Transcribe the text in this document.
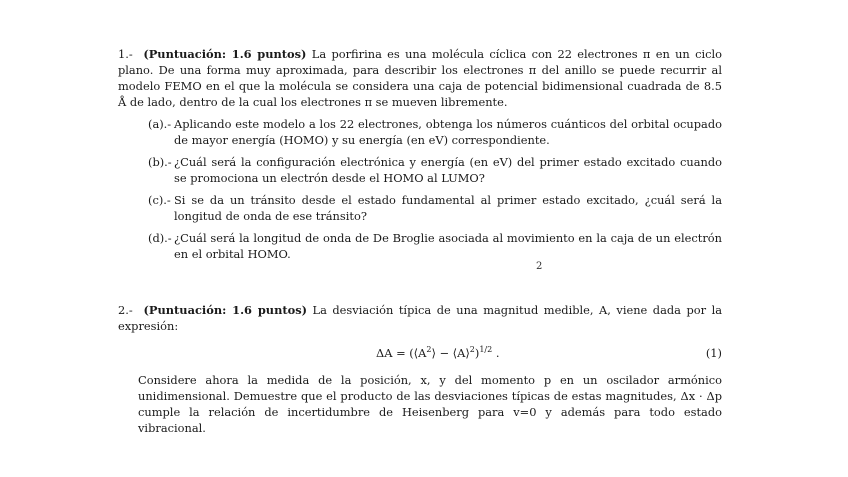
1.- (Puntuación: 1.6 puntos) La porfirina es una molécula cíclica con 22 electrones π en un ciclo plano. De una forma muy aproximada, para describir los electrones π del anillo se puede recurrir al modelo FEMO en el que la molécula se considera una caja de potencial bidimensional cuadrada de 8.5 Å de lado, dentro de la cual los electrones π se mueven libremente.
(a).- Aplicando este modelo a los 22 electrones, obtenga los números cuánticos del orbital ocupado de mayor energía (HOMO) y su energía (en eV) correspondiente.
(b).- ¿Cuál será la configuración electrónica y energía (en eV) del primer estado excitado cuando se promociona un electrón desde el HOMO al LUMO?
(c).- Si se da un tránsito desde el estado fundamental al primer estado excitado, ¿cuál será la longitud de onda de ese tránsito?
(d).- ¿Cuál será la longitud de onda de De Broglie asociada al movimiento en la caja de un electrón en el orbital HOMO.
2
2.- (Puntuación: 1.6 puntos) La desviación típica de una magnitud medible, A, viene dada por la expresión:
$\Delta A = (⟨A^2⟩$ − ⟨A⟩$^2$)$^{1/2}$ .	(1)
Considere ahora la medida de la posición, x, y del momento p en un oscilador armónico unidimensional. Demuestre que el producto de las desviaciones típicas de estas magnitudes, Δx · Δp cumple la relación de incertidumbre de Heisenberg para v=0 y además para todo estado vibracional.
